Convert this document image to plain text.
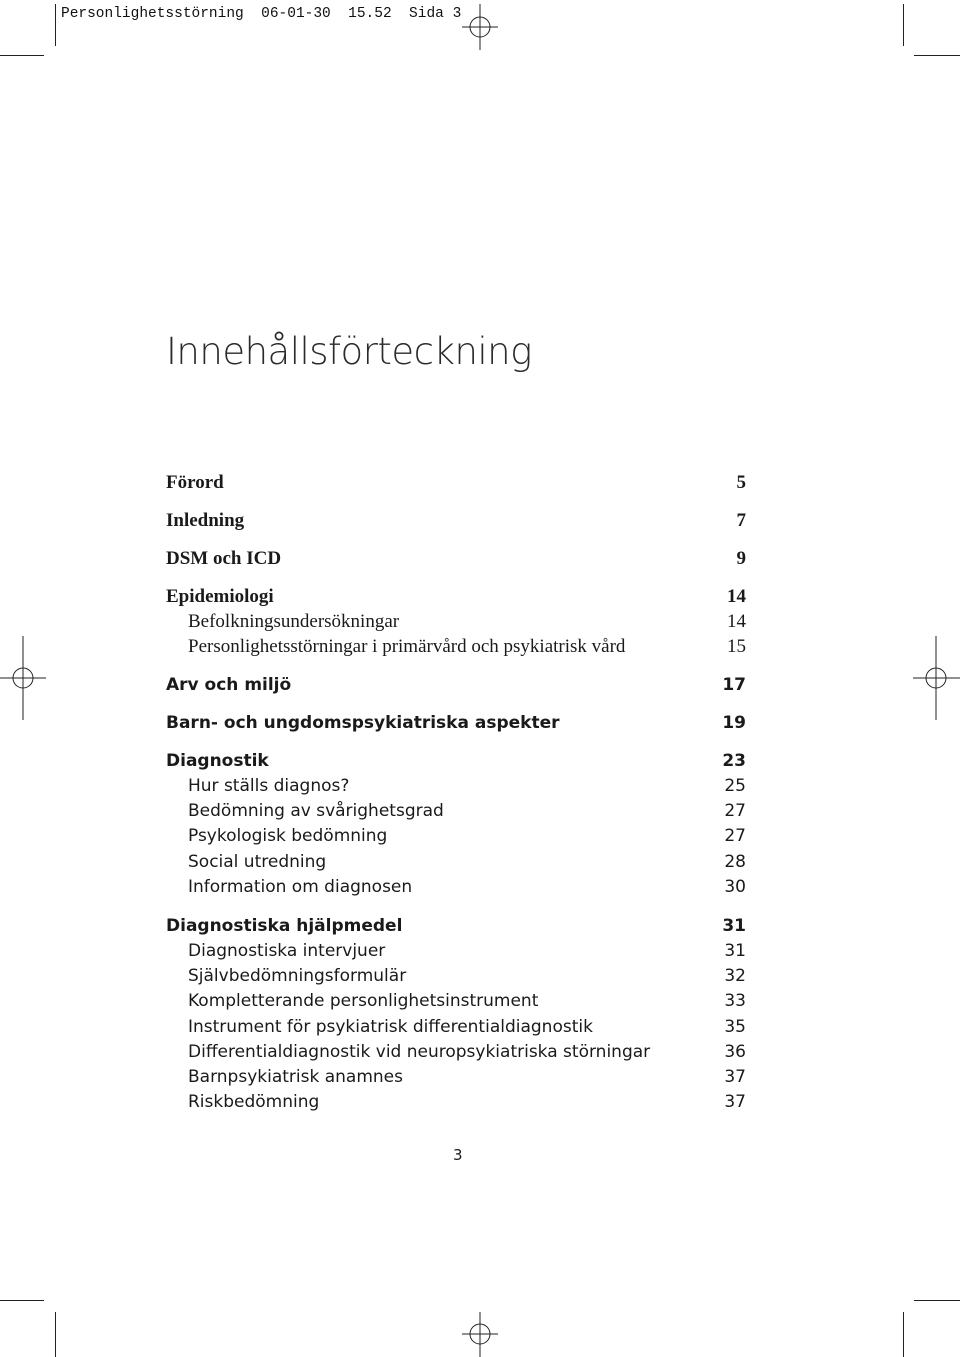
Personlighetsstörning  06-01-30  15.52  Sida 3
Innehållsförteckning
Förord	5
Inledning	7
DSM och ICD	9
Epidemiologi	14
Befolkningsundersökningar	14
Personlighetsstörningar i primärvård och psykiatrisk vård	15
Arv och miljö	17
Barn- och ungdomspsykiatriska aspekter	19
Diagnostik	23
Hur ställs diagnos?	25
Bedömning av svårighetsgrad	27
Psykologisk bedömning	27
Social utredning	28
Information om diagnosen	30
Diagnostiska hjälpmedel	31
Diagnostiska intervjuer	31
Självbedömningsformulär	32
Kompletterande personlighetsinstrument	33
Instrument för psykiatrisk differentialdiagnostik	35
Differentialdiagnostik vid neuropsykiatriska störningar	36
Barnpsykiatrisk anamnes	37
Riskbedömning	37
3
